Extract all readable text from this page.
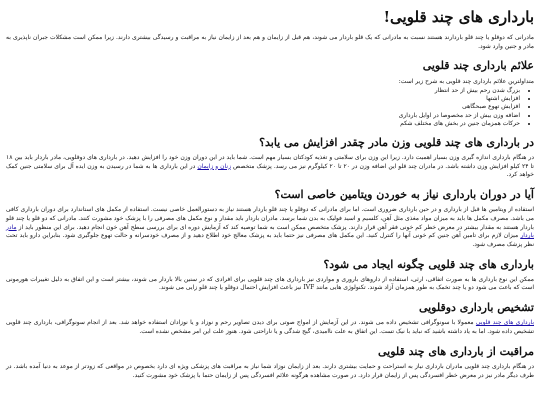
بارداری های چند قلویی!

مادرانی که دوقلو یا چند قلو باردارند هستند نسبت به مادرانی که یک قلو باردار می شوند، هم قبل از زایمان و هم بعد از زایمان نیاز به مراقبت و رسیدگی بیشتری دارند. زیرا ممکن است مشکلات جبران ناپذیری به مادر و جنین وارد شود.

علائم بارداری چند قلویی

متداولترین علائم بارداری چند قلویی به شرح زیر است:

• بزرگ شدن رحم بیش از حد انتظار
• افزایش اشتها
• افزایش تهوع صبحگاهی
• اضافه وزن بیش از حد مخصوصا در اوایل بارداری
• حرکات همزمان جنین در بخش های مختلف شکم
در بارداری های چند قلویی وزن مادر چقدر افزایش می یابد؟

در هنگام بارداری اندازه گیری وزن بسیار اهمیت دارد. زیرا این وزن برای سلامتی و تغذیه کودکتان بسیار مهم است. شما باید در این دوران وزن خود را افزایش دهید. در بارداری های دوقلویی، مادر باردار باید بین ۱۸ تا ۲۴ کیلو افزایش وزن داشته باشد. در مادران چند قلو این اضافه وزن در ۲۰ تا ۲۰ کیلوگرم نیز می رسد. پزشک متخصص زنان و زایمان در این بارداری ها به شما در رسیدن به وزن ایده آل برای سلامتی جنین کمک خواهد کرد.

آیا در دوران بارداری نیاز به خوردن ویتامین خاصی است؟

استفاده از ویتامین ها قبل از بارداری و در حین بارداری ضروری است. اما برای مادرانی که دوقلو یا چند قلو باردار هستند نیاز به دستورالعمل خاصی نیست. استفاده از مکمل های استاندارد برای دوران بارداری کافی می باشد. مصرف مکمل ها باید به میزان مواد مغذی مثل آهن، کلسیم و اسید فولیک به بدن شما برسد. مادران باردار باید مقدار و نوع مکمل های مصرفی را با پزشک خود مشورت کنند. مادرانی که دو قلو یا چند قلو باردار هستند به مقدار بیشتر در معرض خطر کم خونی فقر آهن قرار دارند. پزشک متخصص ممکن است به شما توصیه کند که آزمایش دوره ای برای بررسی سطح آهن خون انجام دهید. برای این منظور باید از مادر باردار میزان لازم برای تامین آهن جنین کم خونی آنها را کنترل کنید. این مکمل های مصرفی نیز حتما باید به پزشک معالج خود اطلاع دهید و از مصرف خودسرانه و حالت تهوع جلوگیری شود. بنابراین دارو باید تحت نظر پزشک مصرف شود.

بارداری های چند قلویی چگونه ایجاد می شود؟

ممکن این نوع بارداری ها به صورت اتفاقی، ارثی، استفاده از داروهای باروری و مواردی نیز بارداری های چند قلویی برای افرادی که در سنین بالا باردار می شوند، بیشتر است و این اتفاق به دلیل تغییرات هورمونی است که باعث می شود دو یا چند تخمک به طور همزمان آزاد شوند. تکنولوژی هایی مانند IVF نیز باعث افزایش احتمال دوقلو یا چند قلو زایی می شوند.

تشخیص بارداری دوقلویی

بارداری های چند قلویی معمولا با سونوگرافی تشخیص داده می شوند. در این آزمایش از امواج صوتی برای دیدن تصاویر رحم و نوزاد و یا نوزادان استفاده خواهد شد. بعد از انجام سونوگرافی، بارداری چند قلویی تشخیص داده شود. اما به یاد داشته باشید که نباید با نیک تست. این اتفاق به علت ناامیدی، گیج شدگی و یا ناراحتی شود. هنوز علت این امر مشخص نشده است.

مراقبت از بارداری های چند قلویی

در هنگام بارداری چند قلویی مادران بارداری نیاز به استراحت و حمایت بیشتری دارند. بعد از زایمان نوزاد شما نیاز به مراقبت های پزشکی ویژه ای دارد بخصوص در مواقعی که زودتر از موعد به دنیا آمده باشد. در طرف دیگر مادر نیز در معرض خطر افسردگی پس از زایمان قرار دارد. در صورت مشاهده هرگونه علائم افسردگی پس از زایمان حتما با پزشک خود مشورت کنید.
